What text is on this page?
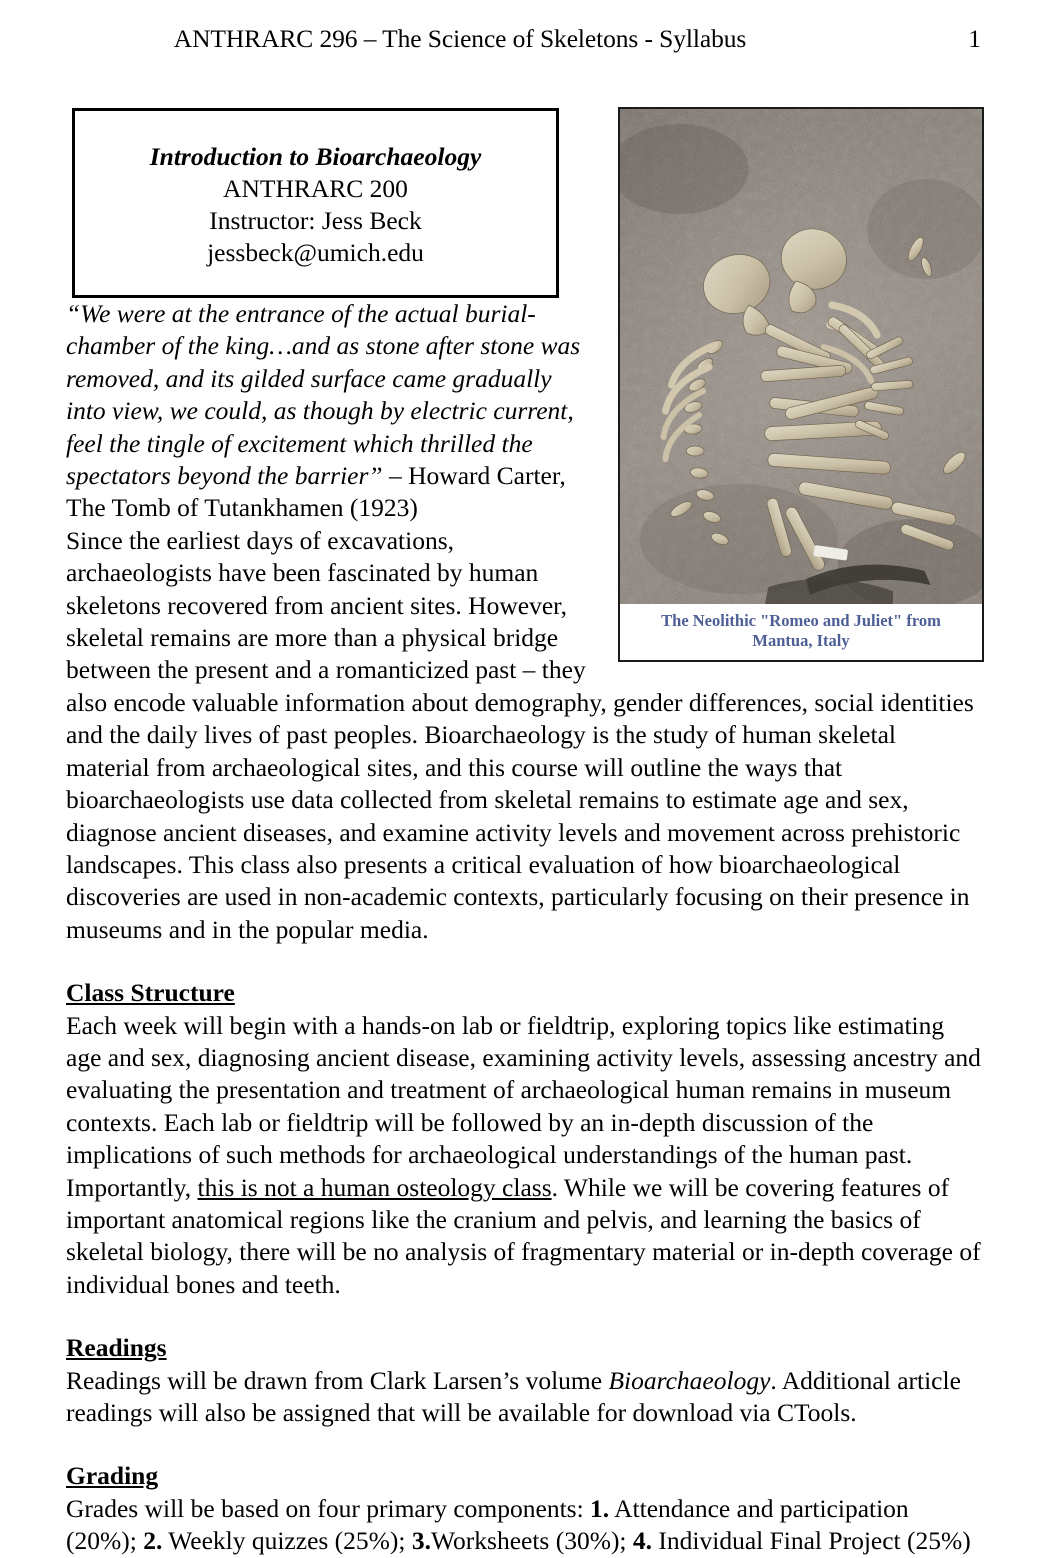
ANTHRARC 296 – The Science of Skeletons - Syllabus	1
The Neolithic "Romeo and Juliet" from
Mantua, Italy
Introduction to Bioarchaeology
ANTHRARC 200
Instructor: Jess Beck
jessbeck@umich.edu

“We were at the entrance of the actual burial-chamber of the king…and as stone after stone was removed, and its gilded surface came gradually into view, we could, as though by electric current, feel the tingle of excitement which thrilled the spectators beyond the barrier” – Howard Carter, The Tomb of Tutankhamen (1923)

Since the earliest days of excavations, archaeologists have been fascinated by human skeletons recovered from ancient sites. However, skeletal remains are more than a physical bridge between the present and a romanticized past – they also encode valuable information about demography, gender differences, social identities and the daily lives of past peoples. Bioarchaeology is the study of human skeletal material from archaeological sites, and this course will outline the ways that bioarchaeologists use data collected from skeletal remains to estimate age and sex, diagnose ancient diseases, and examine activity levels and movement across prehistoric landscapes. This class also presents a critical evaluation of how bioarchaeological discoveries are used in non-academic contexts, particularly focusing on their presence in museums and in the popular media.

Class Structure

Each week will begin with a hands-on lab or fieldtrip, exploring topics like estimating age and sex, diagnosing ancient disease, examining activity levels, assessing ancestry and evaluating the presentation and treatment of archaeological human remains in museum contexts. Each lab or fieldtrip will be followed by an in-depth discussion of the implications of such methods for archaeological understandings of the human past. Importantly, this is not a human osteology class. While we will be covering features of important anatomical regions like the cranium and pelvis, and learning the basics of skeletal biology, there will be no analysis of fragmentary material or in-depth coverage of individual bones and teeth.

Readings

Readings will be drawn from Clark Larsen’s volume Bioarchaeology. Additional article readings will also be assigned that will be available for download via CTools.

Grading

Grades will be based on four primary components: 1. Attendance and participation (20%); 2. Weekly quizzes (25%); 3.Worksheets (30%); 4. Individual Final Project (25%)
